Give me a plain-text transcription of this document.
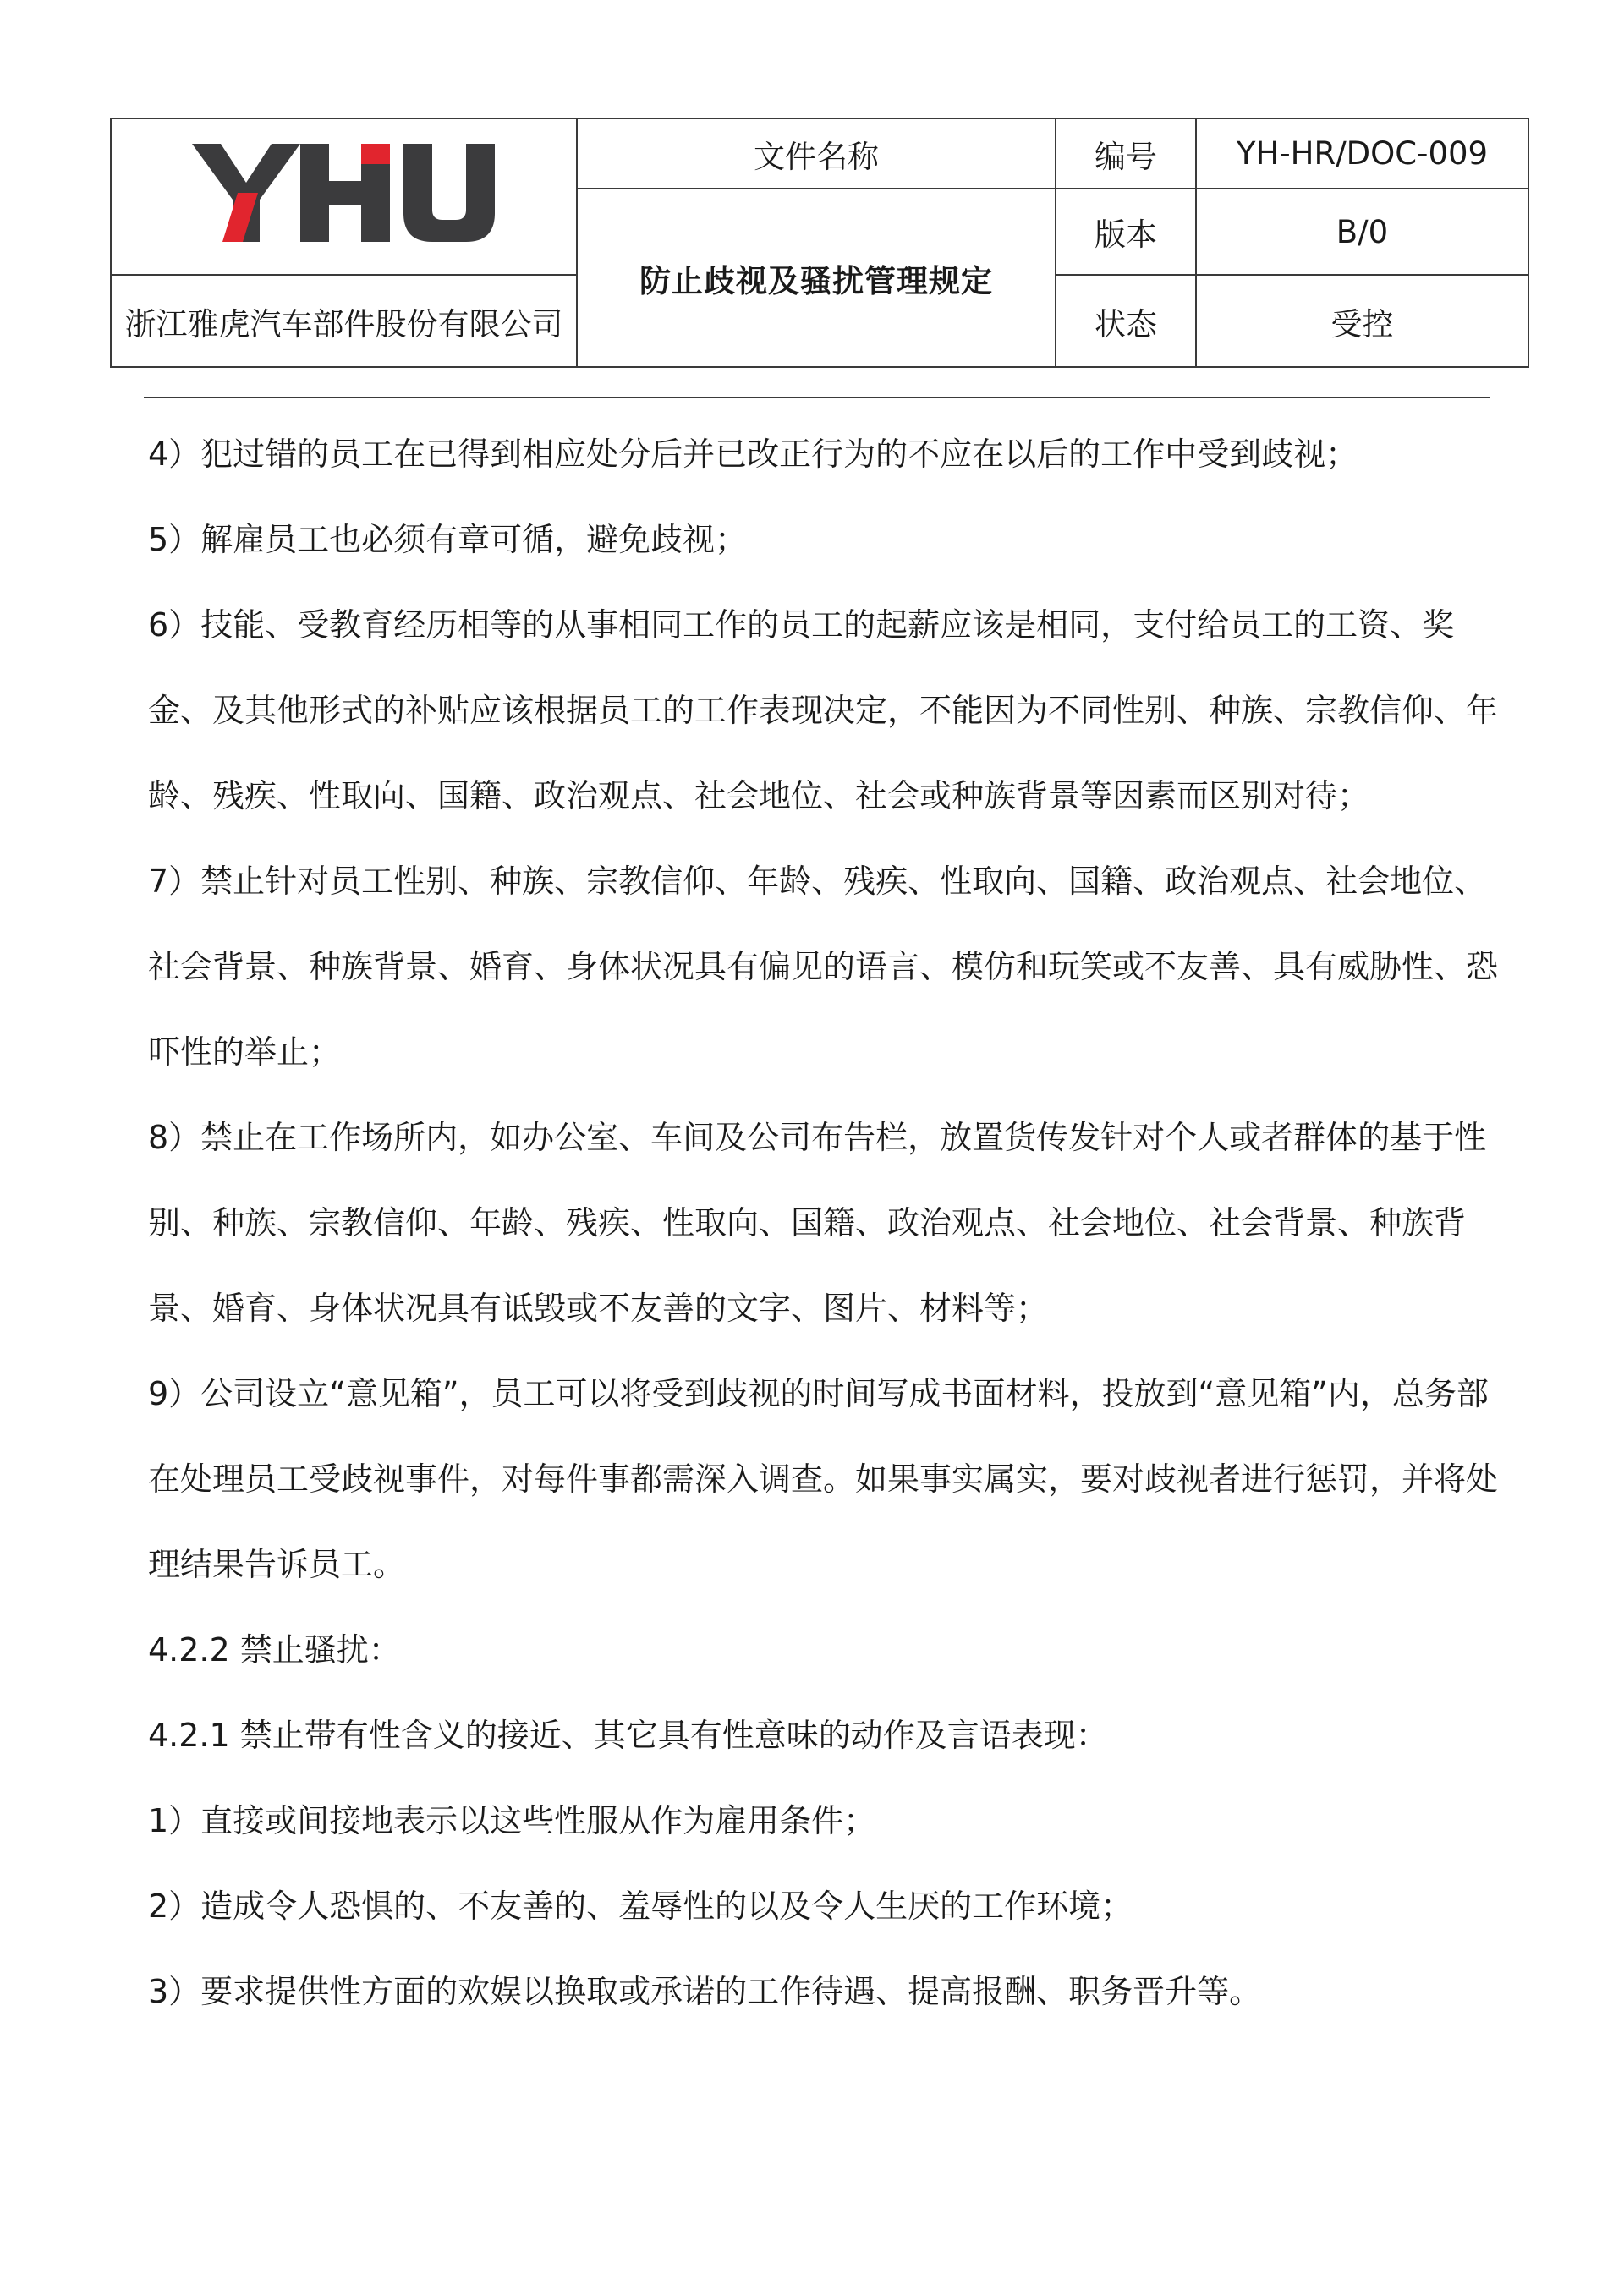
	文件名称	编号	YH-HR/DOC-009
	防止歧视及骚扰管理规定	版本	B/0
浙江雅虎汽车部件股份有限公司		状态	受控

4）犯过错的员工在已得到相应处分后并已改正行为的不应在以后的工作中受到歧视；

5）解雇员工也必须有章可循，避免歧视；

6）技能、受教育经历相等的从事相同工作的员工的起薪应该是相同，支付给员工的工资、奖金、及其他形式的补贴应该根据员工的工作表现决定，不能因为不同性别、种族、宗教信仰、年龄、残疾、性取向、国籍、政治观点、社会地位、社会或种族背景等因素而区别对待；

7）禁止针对员工性别、种族、宗教信仰、年龄、残疾、性取向、国籍、政治观点、社会地位、社会背景、种族背景、婚育、身体状况具有偏见的语言、模仿和玩笑或不友善、具有威胁性、恐吓性的举止；

8）禁止在工作场所内，如办公室、车间及公司布告栏，放置货传发针对个人或者群体的基于性别、种族、宗教信仰、年龄、残疾、性取向、国籍、政治观点、社会地位、社会背景、种族背景、婚育、身体状况具有诋毁或不友善的文字、图片、材料等；

9）公司设立“意见箱”，员工可以将受到歧视的时间写成书面材料，投放到“意见箱”内，总务部在处理员工受歧视事件，对每件事都需深入调查。如果事实属实，要对歧视者进行惩罚，并将处理结果告诉员工。

4.2.2 禁止骚扰：

4.2.1 禁止带有性含义的接近、其它具有性意味的动作及言语表现：

1）直接或间接地表示以这些性服从作为雇用条件；

2）造成令人恐惧的、不友善的、羞辱性的以及令人生厌的工作环境；

3）要求提供性方面的欢娱以换取或承诺的工作待遇、提高报酬、职务晋升等。
